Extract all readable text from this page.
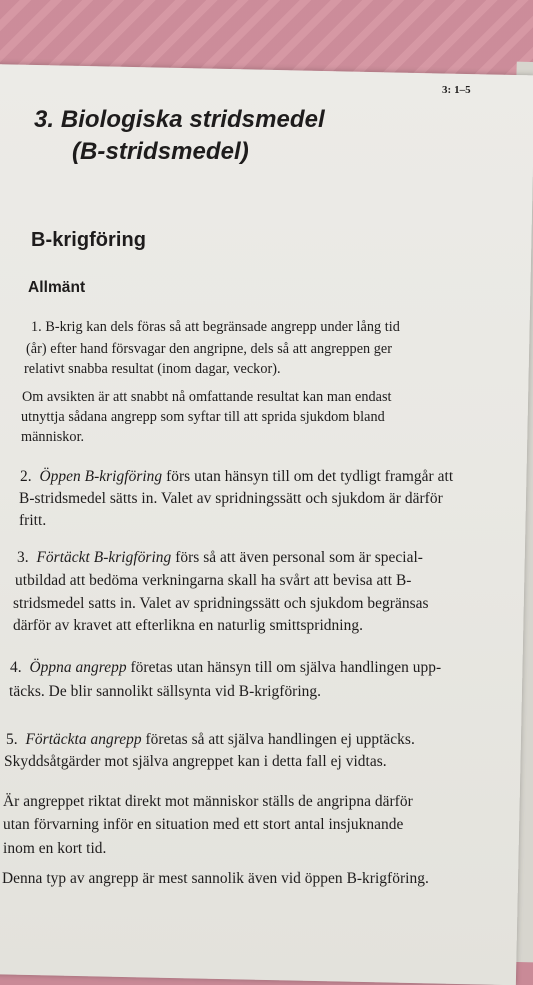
3: 1–5
3. Biologiska stridsmedel
(B-stridsmedel)
B-krigföring
Allmänt
1. B-krig kan dels föras så att begränsade angrepp under lång tid
(år) efter hand försvagar den angripne, dels så att angreppen ger
relativt snabba resultat (inom dagar, veckor).
Om avsikten är att snabbt nå omfattande resultat kan man endast
utnyttja sådana angrepp som syftar till att sprida sjukdom bland
människor.
2. Öppen B-krigföring förs utan hänsyn till om det tydligt framgår att
B-stridsmedel sätts in. Valet av spridningssätt och sjukdom är därför
fritt.
3. Förtäckt B-krigföring förs så att även personal som är special-
utbildad att bedöma verkningarna skall ha svårt att bevisa att B-
stridsmedel satts in. Valet av spridningssätt och sjukdom begränsas
därför av kravet att efterlikna en naturlig smittspridning.
4. Öppna angrepp företas utan hänsyn till om själva handlingen upp-
täcks. De blir sannolikt sällsynta vid B-krigföring.
5. Förtäckta angrepp företas så att själva handlingen ej upptäcks.
Skyddsåtgärder mot själva angreppet kan i detta fall ej vidtas.
Är angreppet riktat direkt mot människor ställs de angripna därför
utan förvarning inför en situation med ett stort antal insjuknande
inom en kort tid.
Denna typ av angrepp är mest sannolik även vid öppen B-krigföring.
